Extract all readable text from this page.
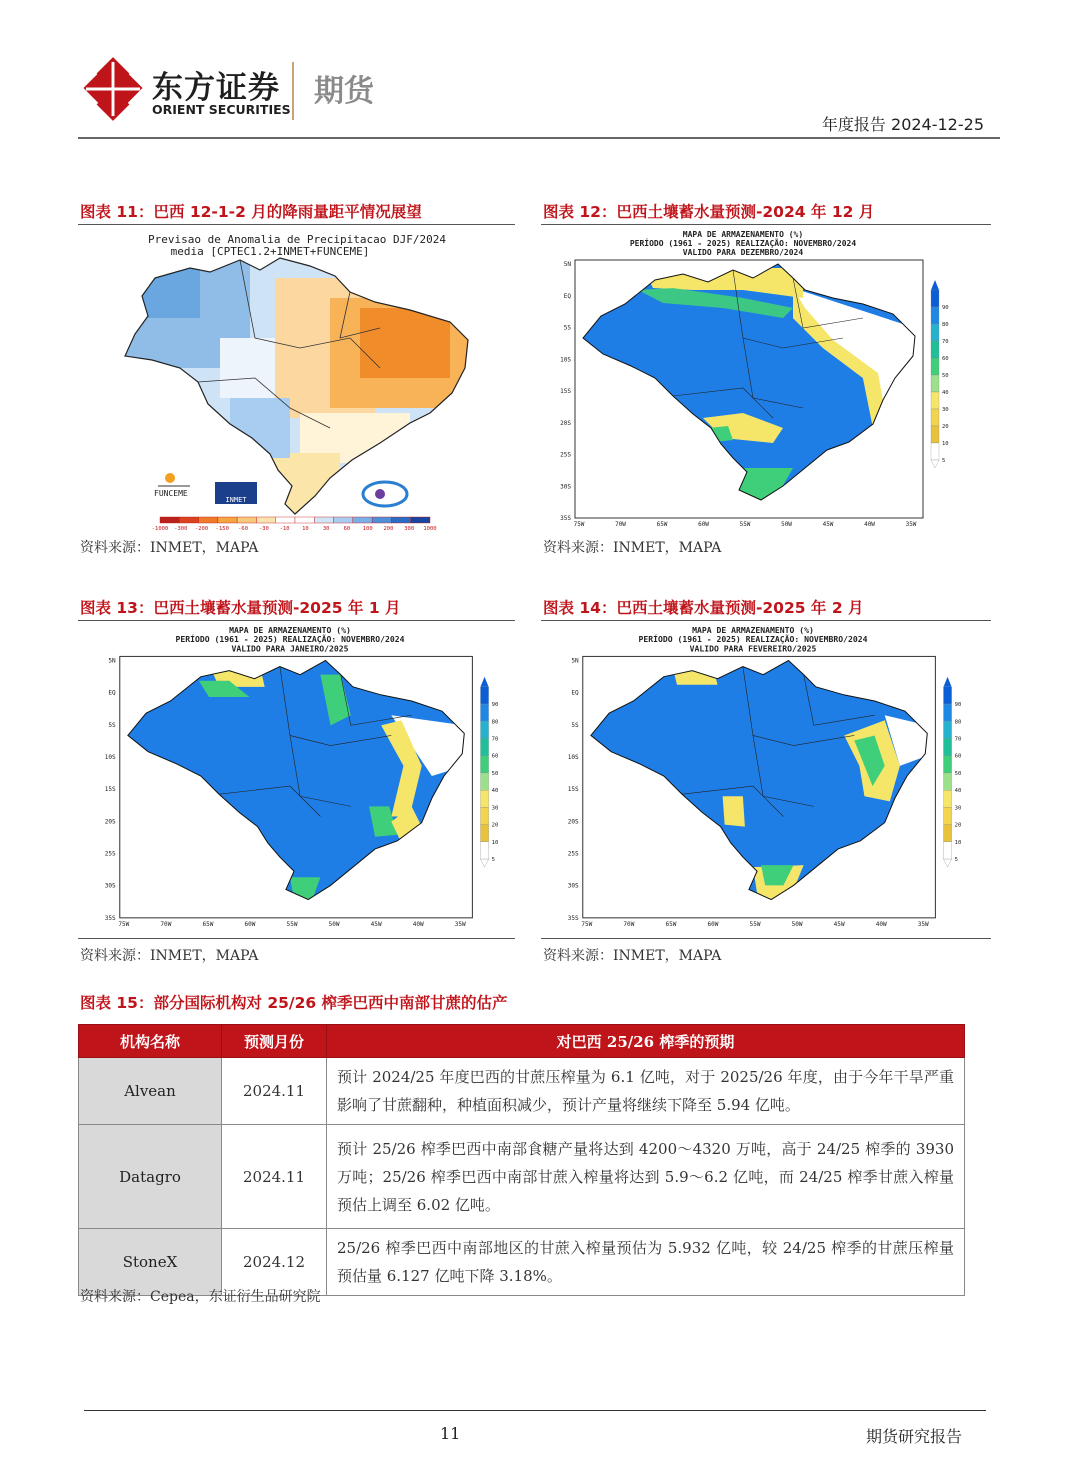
东方证券
ORIENT SECURITIES
期货
年度报告 2024-12-25
图表 11：巴西 12-1-2 月的降雨量距平情况展望
Previsao de Anomalia de Precipitacao DJF/2024
media [CPTEC1.2+INMET+FUNCEME]
FUNCEME
INMET
-1000 -300 -200 -150 -60 -30 -10 10	30	60 100 200 300 1000
资料来源：INMET，MAPA
图表 12：巴西土壤蓄水量预测-2024 年 12 月
MAPA DE ARMAZENAMENTO (%)
PERÍODO (1961 - 2025) REALIZAÇÃO: NOVEMBRO/2024
VALIDO PARA DEZEMBRO/2024
5N
EQ
5S
10S
15S
20S
25S
30S
35S
75W	70W	65W	60W	55W	50W	45W	40W	35W
90
80
70
60
50
40
30
20
10
5
资料来源：INMET，MAPA
图表 13：巴西土壤蓄水量预测-2025 年 1 月
MAPA DE ARMAZENAMENTO (%)
PERÍODO (1961 - 2025) REALIZAÇÃO: NOVEMBRO/2024
VALIDO PARA JANEIRO/2025
5N
EQ
5S
10S
15S
20S
25S
30S
35S
75W	70W	65W	60W	55W	50W	45W	40W	35W
90
80
70
60
50
40
30
20
10
5
资料来源：INMET，MAPA
图表 14：巴西土壤蓄水量预测-2025 年 2 月
MAPA DE ARMAZENAMENTO (%)
PERÍODO (1961 - 2025) REALIZAÇÃO: NOVEMBRO/2024
VALIDO PARA FEVEREIRO/2025
5N
EQ
5S
10S
15S
20S
25S
30S
35S
75W	70W	65W	60W	55W	50W	45W	40W	35W
90
80
70
60
50
40
30
20
10
5
资料来源：INMET，MAPA
图表 15：部分国际机构对 25/26 榨季巴西中南部甘蔗的估产
机构名称	预测月份	对巴西 25/26 榨季的预期
Alvean	2024.11	预计 2024/25 年度巴西的甘蔗压榨量为 6.1 亿吨，对于 2025/26 年度，由于今年干旱严重影响了甘蔗翻种，种植面积减少，预计产量将继续下降至 5.94 亿吨。
Datagro	2024.11	预计 25/26 榨季巴西中南部食糖产量将达到 4200～4320 万吨，高于 24/25 榨季的 3930 万吨；25/26 榨季巴西中南部甘蔗入榨量将达到 5.9～6.2 亿吨，而 24/25 榨季甘蔗入榨量预估上调至 6.02 亿吨。
StoneX	2024.12	25/26 榨季巴西中南部地区的甘蔗入榨量预估为 5.932 亿吨，较 24/25 榨季的甘蔗压榨量预估量 6.127 亿吨下降 3.18%。
资料来源：Cepea，东证衍生品研究院
11	期货研究报告
